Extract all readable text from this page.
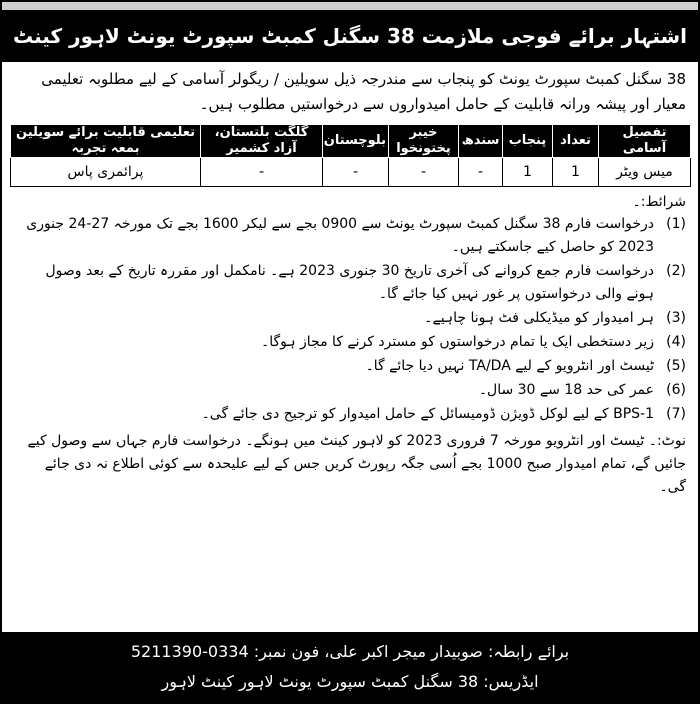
اشتہار برائے فوجی ملازمت 38 سگنل کمبٹ سپورٹ یونٹ لاہور کینٹ
38 سگنل کمبٹ سپورٹ یونٹ کو پنجاب سے مندرجہ ذیل سویلین / ریگولر آسامی کے لیے مطلوبہ تعلیمی معیار اور پیشہ ورانہ قابلیت کے حامل امیدواروں سے درخواستیں مطلوب ہیں۔
تفصیل آسامی	تعداد	پنجاب	سندھ	خیبر پختونخوا	بلوچستان	گلگت بلتستان، آزاد کشمیر	تعلیمی قابلیت برائے سویلین بمعہ تجربہ
میس ویٹر	1	1	-	-	-	-	پرائمری پاس
شرائط:۔
(1)
درخواست فارم 38 سگنل کمبٹ سپورٹ یونٹ سے 0900 بجے سے لیکر 1600 بجے تک مورخہ 27-24 جنوری 2023 کو حاصل کیے جاسکتے ہیں۔
(2)
درخواست فارم جمع کروانے کی آخری تاریخ 30 جنوری 2023 ہے۔ نامکمل اور مقررہ تاریخ کے بعد وصول ہونے والی درخواستوں پر غور نہیں کیا جائے گا۔
(3)
ہر امیدوار کو میڈیکلی فٹ ہونا چاہیے۔
(4)
زیر دستخطی ایک یا تمام درخواستوں کو مسترد کرنے کا مجاز ہوگا۔
(5)
ٹیسٹ اور انٹرویو کے لیے TA/DA نہیں دیا جائے گا۔
(6)
عمر کی حد 18 سے 30 سال۔
(7)
BPS-1 کے لیے لوکل ڈویژن ڈومیسائل کے حامل امیدوار کو ترجیح دی جائے گی۔
نوٹ:۔ ٹیسٹ اور انٹرویو مورخہ 7 فروری 2023 کو لاہور کینٹ میں ہونگے۔ درخواست فارم جہاں سے وصول کیے جائیں گے، تمام امیدوار صبح 1000 بجے اُسی جگہ رپورٹ کریں جس کے لیے علیحدہ سے کوئی اطلاع نہ دی جائے گی۔
برائے رابطہ: صوبیدار میجر اکبر علی، فون نمبر: 0334-5211390
ایڈریس: 38 سگنل کمبٹ سپورٹ یونٹ لاہور کینٹ لاہور
